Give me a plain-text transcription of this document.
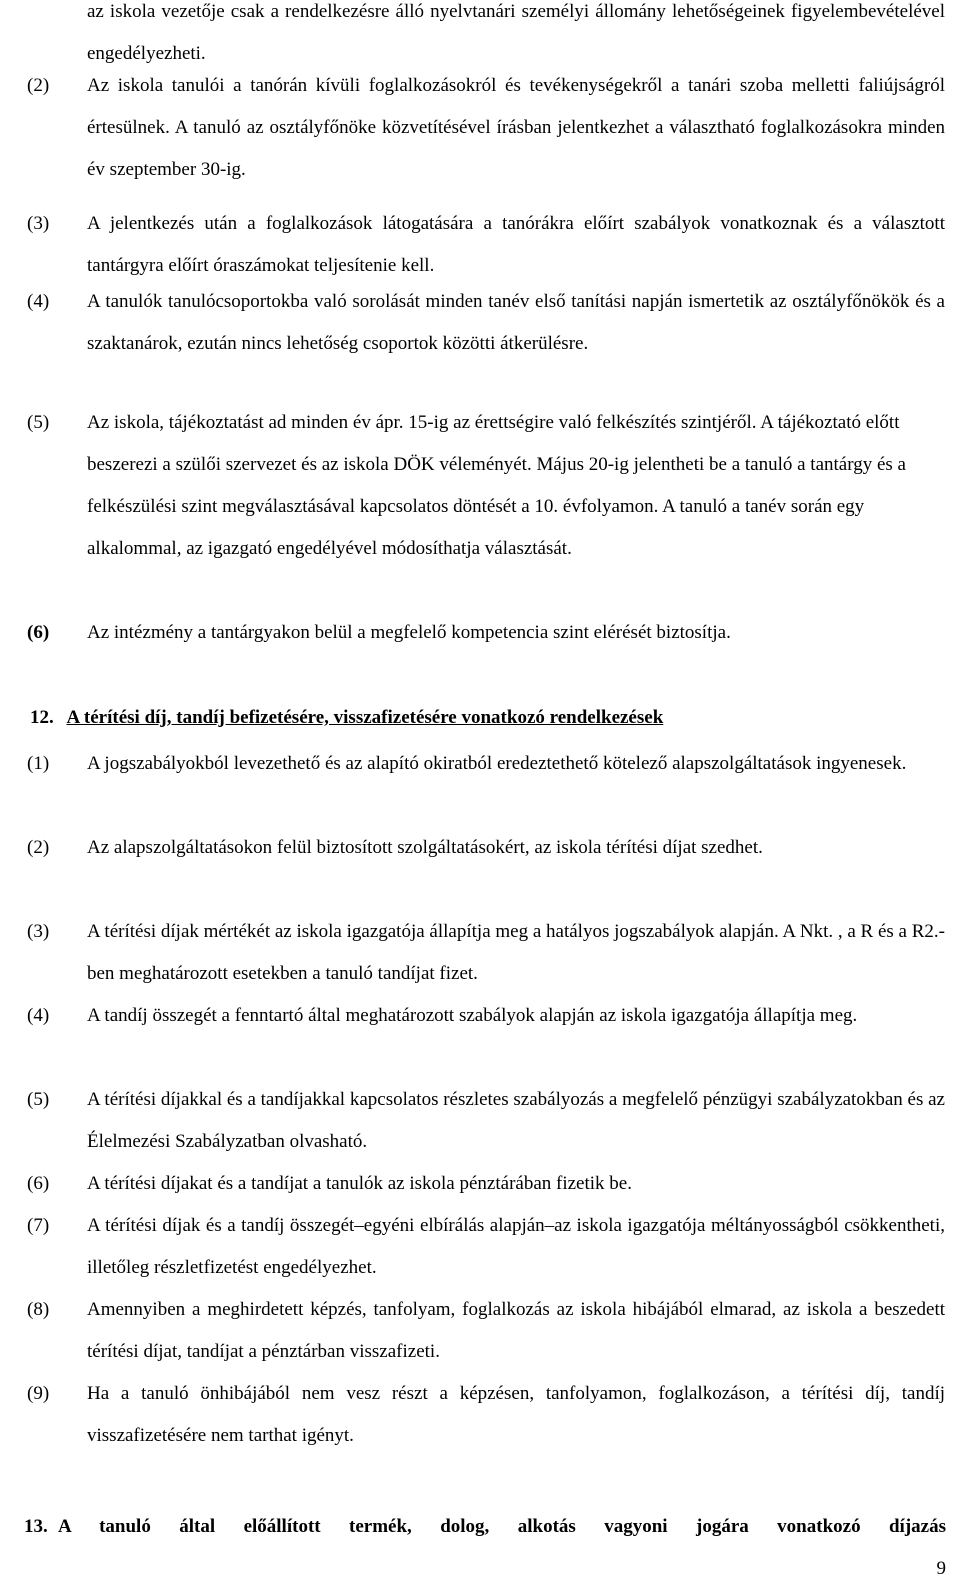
az iskola vezetője csak a rendelkezésre álló nyelvtanári személyi állomány lehetőségeinek figyelembevételével engedélyezheti.
(2)	Az iskola tanulói a tanórán kívüli foglalkozásokról és tevékenységekről a tanári szoba melletti faliújságról értesülnek. A tanuló az osztályfőnöke közvetítésével írásban jelentkezhet a választható foglalkozásokra minden év szeptember 30-ig.
(3)	A jelentkezés után a foglalkozások látogatására a tanórákra előírt szabályok vonatkoznak és a választott tantárgyra előírt óraszámokat teljesítenie kell.
(4)	A tanulók tanulócsoportokba való sorolását minden tanév első tanítási napján ismertetik az osztályfőnökök és a szaktanárok, ezután nincs lehetőség csoportok közötti átkerülésre.
(5)	Az iskola, tájékoztatást ad minden év ápr. 15-ig az érettségire való felkészítés szintjéről. A tájékoztató előtt beszerezi a szülői szervezet és az iskola DÖK véleményét. Május 20-ig jelentheti be a tanuló a tantárgy és a felkészülési szint megválasztásával kapcsolatos döntését a 10. évfolyamon. A tanuló a tanév során egy alkalommal, az igazgató engedélyével módosíthatja választását.
(6)	Az intézmény a tantárgyakon belül a megfelelő kompetencia szint elérését biztosítja.
12. A térítési díj, tandíj befizetésére, visszafizetésére vonatkozó rendelkezések
(1)	A jogszabályokból levezethető és az alapító okiratból eredeztethető kötelező alapszolgáltatások ingyenesek.
(2)	Az alapszolgáltatásokon felül biztosított szolgáltatásokért, az iskola térítési díjat szedhet.
(3)	A térítési díjak mértékét az iskola igazgatója állapítja meg a hatályos jogszabályok alapján. A Nkt. , a R és a R2.-ben meghatározott esetekben a tanuló tandíjat fizet.
(4)	A tandíj összegét a fenntartó által meghatározott szabályok alapján az iskola igazgatója állapítja meg.
(5)	A térítési díjakkal és a tandíjakkal kapcsolatos részletes szabályozás a megfelelő pénzügyi szabályzatokban és az Élelmezési Szabályzatban olvasható.
(6)	A térítési díjakat és a tandíjat a tanulók az iskola pénztárában fizetik be.
(7)	A térítési díjak és a tandíj összegét–egyéni elbírálás alapján–az iskola igazgatója méltányosságból csökkentheti, illetőleg részletfizetést engedélyezhet.
(8)	Amennyiben a meghirdetett képzés, tanfolyam, foglalkozás az iskola hibájából elmarad, az iskola a beszedett térítési díjat, tandíjat a pénztárban visszafizeti.
(9)	Ha a tanuló önhibájából nem vesz részt a képzésen, tanfolyamon, foglalkozáson, a térítési díj, tandíj visszafizetésére nem tarthat igényt.
13. A tanuló által előállított termék, dolog, alkotás vagyoni jogára vonatkozó díjazás
9
